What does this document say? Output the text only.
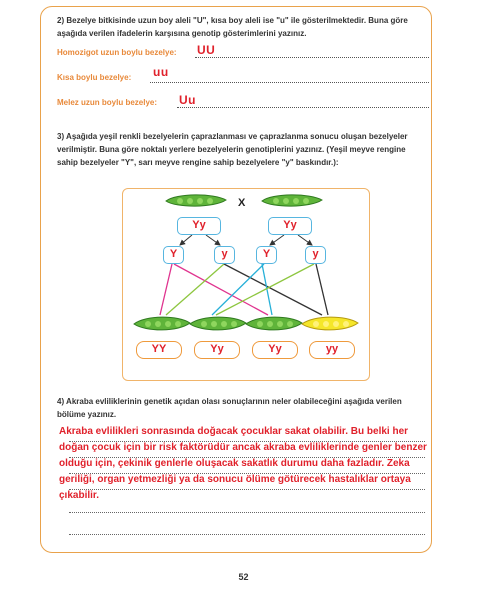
2) Bezelye bitkisinde uzun boy aleli "U", kısa boy aleli ise "u" ile gösterilmektedir. Buna göre aşağıda verilen ifadelerin karşısına genotip gösterimlerini yazınız.
Homozigot uzun boylu bezelye: UU
Kısa boylu bezelye: uu
Melez uzun boylu bezelye: Uu
3) Aşağıda yeşil renkli bezelyelerin çaprazlanması ve çaprazlanma sonucu oluşan bezelyeler verilmiştir. Buna göre noktalı yerlere bezelyelerin genotiplerini yazınız. (Yeşil meyve rengine sahip bezelyeler "Y", sarı meyve rengine sahip bezelyelere "y" baskındır.):
X
Yy	Yy
Y	y	Y	y
YY	Yy	Yy	yy
4) Akraba evliliklerinin genetik açıdan olası sonuçlarının neler olabileceğini aşağıda verilen bölüme yazınız.
Akraba evlilikleri sonrasında doğacak çocuklar sakat olabilir. Bu belki her doğan çocuk için bir risk faktörüdür ancak akraba evliliklerinde genler benzer olduğu için, çekinik genlerle oluşacak sakatlık durumu daha fazladır. Zeka geriliği, organ yetmezliği ya da sonucu ölüme götürecek hastalıklar ortaya çıkabilir.
52
